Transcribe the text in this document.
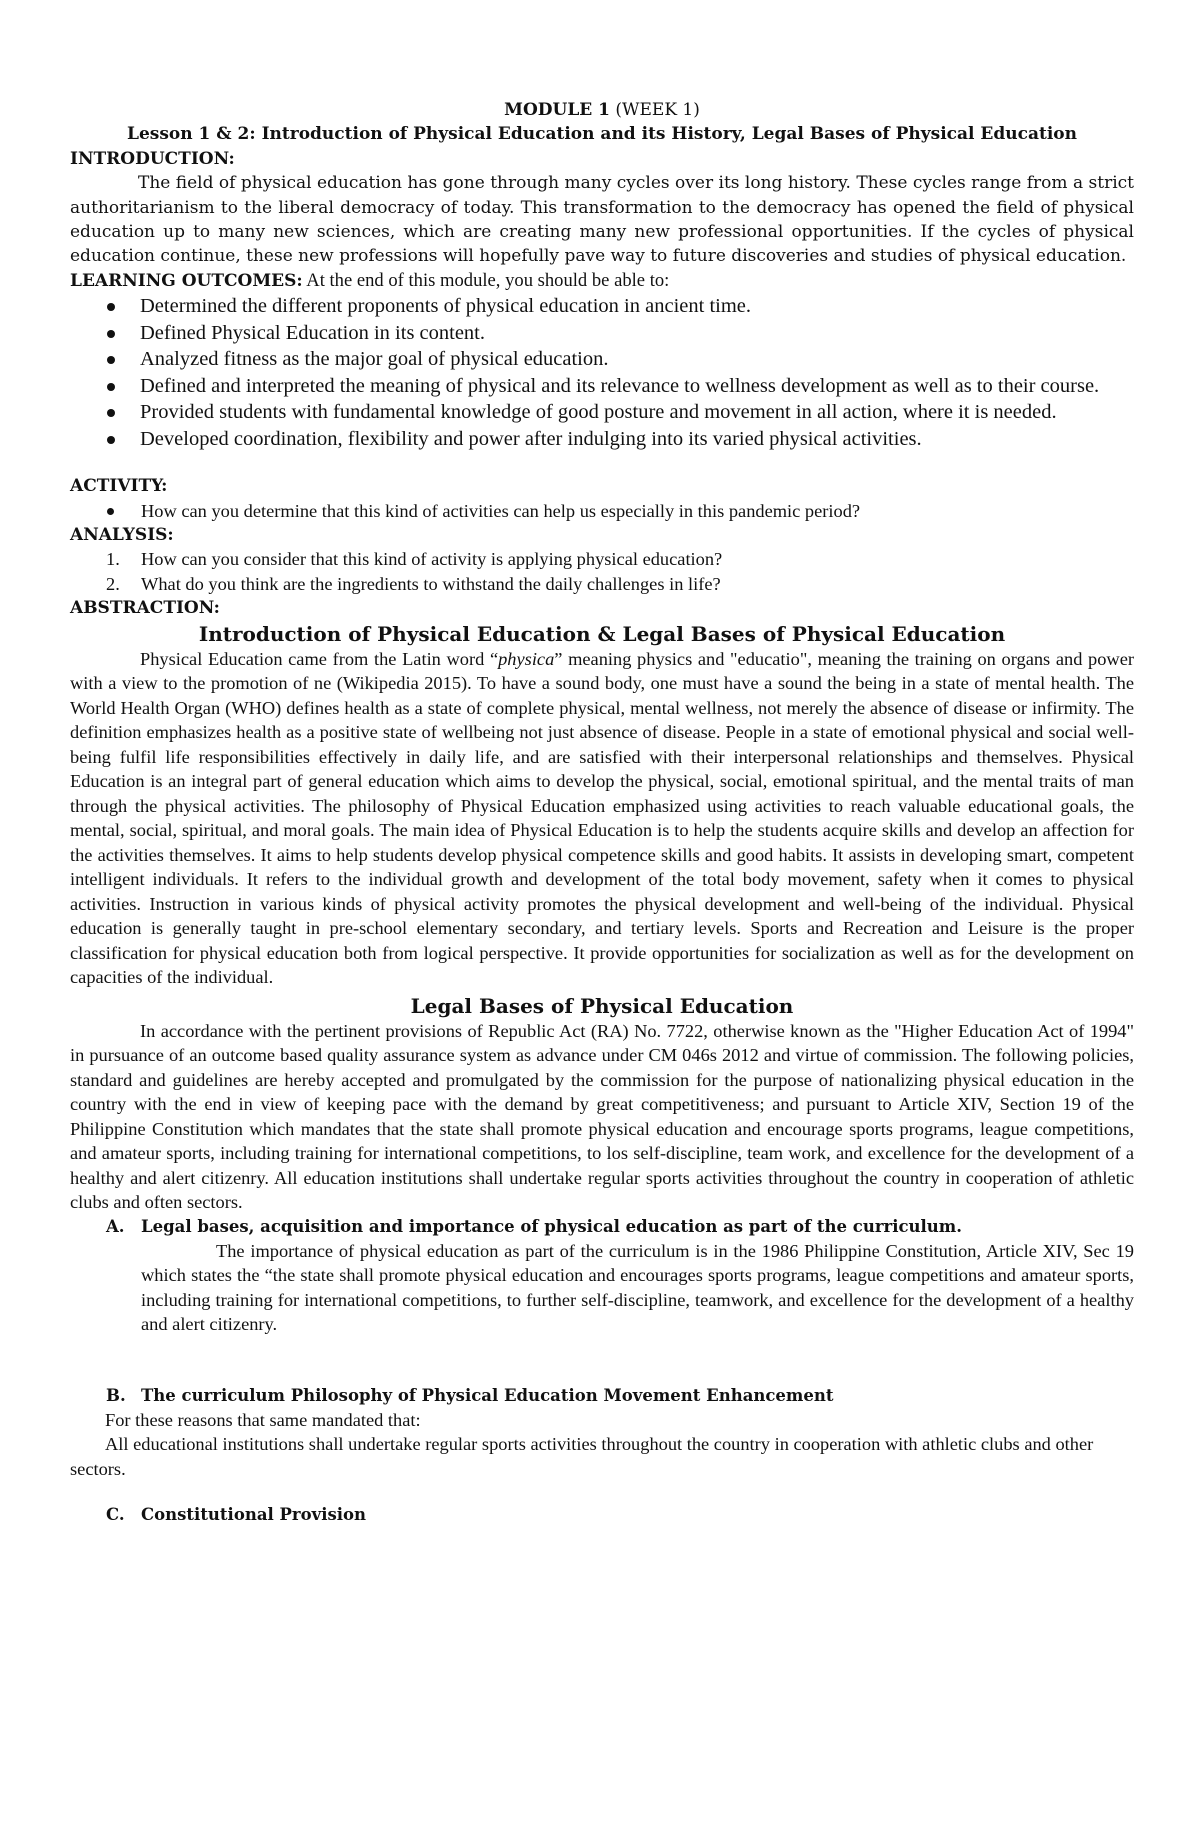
MODULE 1 (WEEK 1)

Lesson 1 & 2: Introduction of Physical Education and its History, Legal Bases of Physical Education

INTRODUCTION:

The field of physical education has gone through many cycles over its long history. These cycles range from a strict authoritarianism to the liberal democracy of today. This transformation to the democracy has opened the field of physical education up to many new sciences, which are creating many new professional opportunities. If the cycles of physical education continue, these new professions will hopefully pave way to future discoveries and studies of physical education.

LEARNING OUTCOMES: At the end of this module, you should be able to:

Determined the different proponents of physical education in ancient time.
Defined Physical Education in its content.
Analyzed fitness as the major goal of physical education.
Defined and interpreted the meaning of physical and its relevance to wellness development as well as to their course.
Provided students with fundamental knowledge of good posture and movement in all action, where it is needed.
Developed coordination, flexibility and power after indulging into its varied physical activities.

ACTIVITY:

How can you determine that this kind of activities can help us especially in this pandemic period?

ANALYSIS:

1. How can you consider that this kind of activity is applying physical education?
2. What do you think are the ingredients to withstand the daily challenges in life?

ABSTRACTION:

Introduction of Physical Education & Legal Bases of Physical Education

Physical Education came from the Latin word “physica” meaning physics and "educatio", meaning the training on organs and power with a view to the promotion of ne (Wikipedia 2015). To have a sound body, one must have a sound the being in a state of mental health. The World Health Organ (WHO) defines health as a state of complete physical, mental wellness, not merely the absence of disease or infirmity. The definition emphasizes health as a positive state of wellbeing not just absence of disease. People in a state of emotional physical and social well-being fulfil life responsibilities effectively in daily life, and are satisfied with their interpersonal relationships and themselves. Physical Education is an integral part of general education which aims to develop the physical, social, emotional spiritual, and the mental traits of man through the physical activities. The philosophy of Physical Education emphasized using activities to reach valuable educational goals, the mental, social, spiritual, and moral goals. The main idea of Physical Education is to help the students acquire skills and develop an affection for the activities themselves. It aims to help students develop physical competence skills and good habits. It assists in developing smart, competent intelligent individuals. It refers to the individual growth and development of the total body movement, safety when it comes to physical activities. Instruction in various kinds of physical activity promotes the physical development and well-being of the individual. Physical education is generally taught in pre-school elementary secondary, and tertiary levels. Sports and Recreation and Leisure is the proper classification for physical education both from logical perspective. It provide opportunities for socialization as well as for the development on capacities of the individual.

Legal Bases of Physical Education

In accordance with the pertinent provisions of Republic Act (RA) No. 7722, otherwise known as the "Higher Education Act of 1994" in pursuance of an outcome based quality assurance system as advance under CM 046s 2012 and virtue of commission. The following policies, standard and guidelines are hereby accepted and promulgated by the commission for the purpose of nationalizing physical education in the country with the end in view of keeping pace with the demand by great competitiveness; and pursuant to Article XIV, Section 19 of the Philippine Constitution which mandates that the state shall promote physical education and encourage sports programs, league competitions, and amateur sports, including training for international competitions, to los self-discipline, team work, and excellence for the development of a healthy and alert citizenry. All education institutions shall undertake regular sports activities throughout the country in cooperation of athletic clubs and often sectors.

A. Legal bases, acquisition and importance of physical education as part of the curriculum.

The importance of physical education as part of the curriculum is in the 1986 Philippine Constitution, Article XIV, Sec 19 which states the “the state shall promote physical education and encourages sports programs, league competitions and amateur sports, including training for international competitions, to further self-discipline, teamwork, and excellence for the development of a healthy and alert citizenry.

B. The curriculum Philosophy of Physical Education Movement Enhancement

For these reasons that same mandated that:

All educational institutions shall undertake regular sports activities throughout the country in cooperation with athletic clubs and other sectors.

C. Constitutional Provision
